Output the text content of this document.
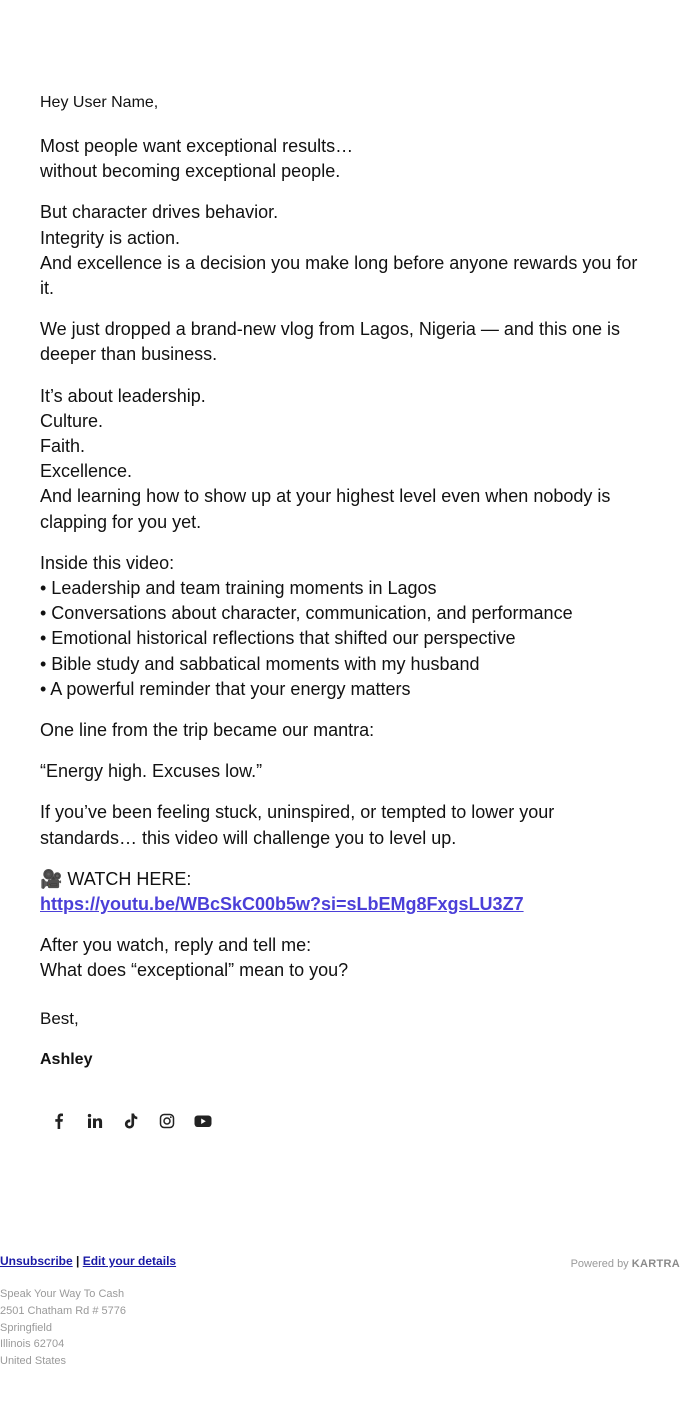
Hey User Name,
Most people want exceptional results…
without becoming exceptional people.
But character drives behavior.
Integrity is action.
And excellence is a decision you make long before anyone rewards you for it.
We just dropped a brand-new vlog from Lagos, Nigeria — and this one is deeper than business.
It’s about leadership.
Culture.
Faith.
Excellence.
And learning how to show up at your highest level even when nobody is clapping for you yet.
Inside this video:
• Leadership and team training moments in Lagos
• Conversations about character, communication, and performance
• Emotional historical reflections that shifted our perspective
• Bible study and sabbatical moments with my husband
• A powerful reminder that your energy matters
One line from the trip became our mantra:
“Energy high. Excuses low.”
If you’ve been feeling stuck, uninspired, or tempted to lower your standards… this video will challenge you to level up.
🎥 WATCH HERE:
https://youtu.be/WBcSkC00b5w?si=sLbEMg8FxgsLU3Z7
After you watch, reply and tell me:
What does “exceptional” mean to you?
Best,
Ashley
Unsubscribe | Edit your details	Powered by KARTRA
Speak Your Way To Cash
2501 Chatham Rd # 5776
Springfield
Illinois 62704
United States
